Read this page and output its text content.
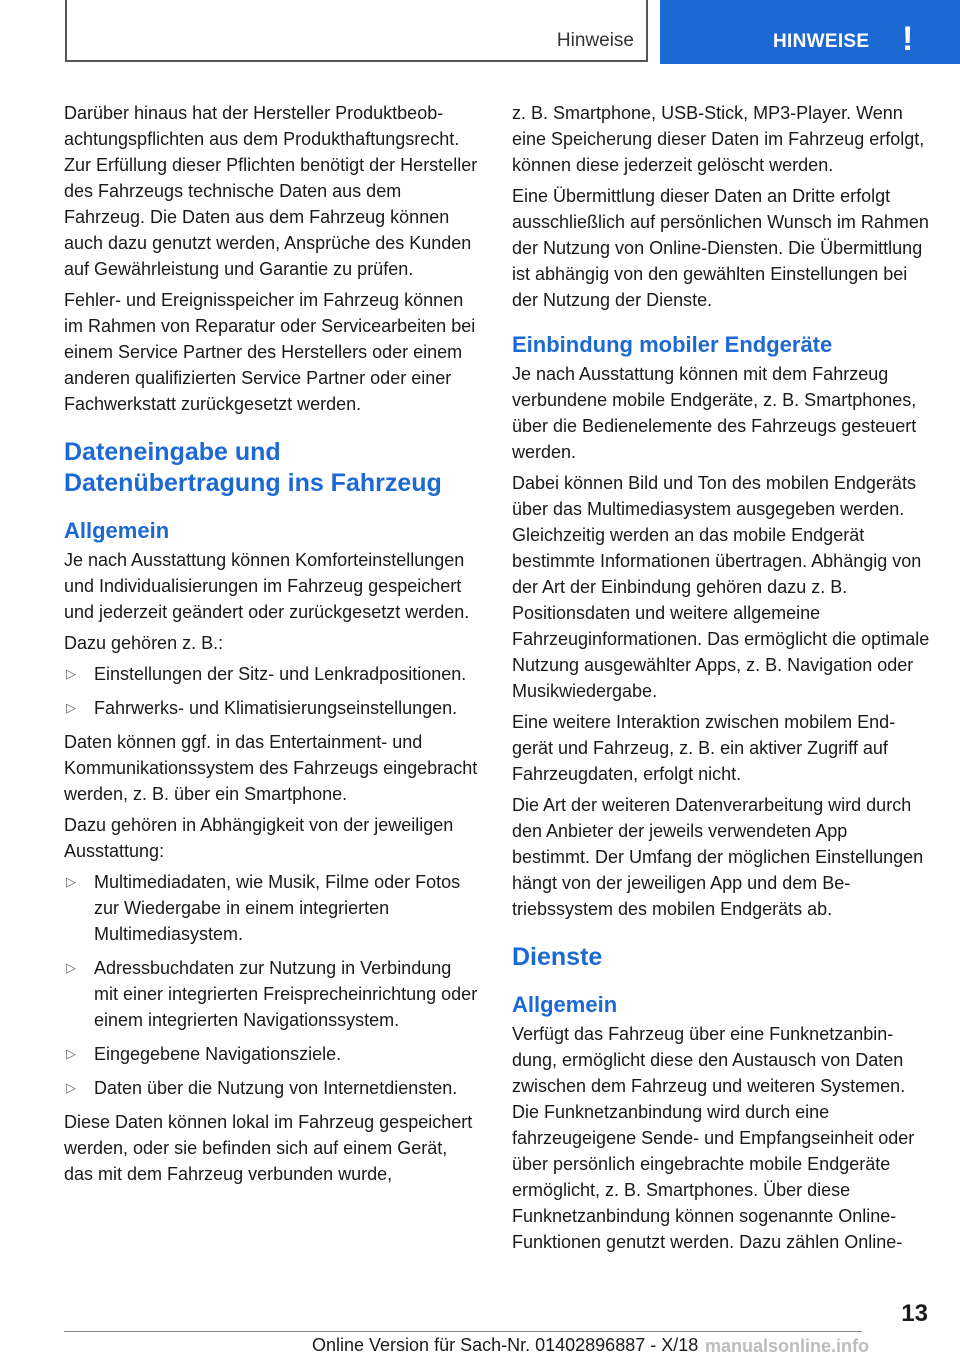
Hinweise	HINWEISE !

Darüber hinaus hat der Hersteller Produktbeobachtungspflichten aus dem Produkthaftungsrecht. Zur Erfüllung dieser Pflichten benötigt der Hersteller des Fahrzeugs technische Daten aus dem Fahrzeug. Die Daten aus dem Fahrzeug können auch dazu genutzt werden, Ansprüche des Kunden auf Gewährleistung und Garantie zu prüfen.

Fehler- und Ereignisspeicher im Fahrzeug können im Rahmen von Reparatur oder Servicearbeiten bei einem Service Partner des Herstellers oder einem anderen qualifizierten Service Partner oder einer Fachwerkstatt zurückgesetzt werden.

Dateneingabe und Datenübertragung ins Fahrzeug
Allgemein

Je nach Ausstattung können Komforteinstellungen und Individualisierungen im Fahrzeug gespeichert und jederzeit geändert oder zurückgesetzt werden.

Dazu gehören z. B.:

▷ Einstellungen der Sitz- und Lenkradpositionen.
▷ Fahrwerks- und Klimatisierungseinstellungen.

Daten können ggf. in das Entertainment- und Kommunikationssystem des Fahrzeugs eingebracht werden, z. B. über ein Smartphone.

Dazu gehören in Abhängigkeit von der jeweiligen Ausstattung:

▷ Multimediadaten, wie Musik, Filme oder Fotos zur Wiedergabe in einem integrierten Multimediasystem.
▷ Adressbuchdaten zur Nutzung in Verbindung mit einer integrierten Freisprecheinrichtung oder einem integrierten Navigationssystem.
▷ Eingegebene Navigationsziele.
▷ Daten über die Nutzung von Internetdiensten.

Diese Daten können lokal im Fahrzeug gespeichert werden, oder sie befinden sich auf einem Gerät, das mit dem Fahrzeug verbunden wurde,

z. B. Smartphone, USB-Stick, MP3-Player. Wenn eine Speicherung dieser Daten im Fahrzeug erfolgt, können diese jederzeit gelöscht werden.

Eine Übermittlung dieser Daten an Dritte erfolgt ausschließlich auf persönlichen Wunsch im Rahmen der Nutzung von Online-Diensten. Die Übermittlung ist abhängig von den gewählten Einstellungen bei der Nutzung der Dienste.

Einbindung mobiler Endgeräte

Je nach Ausstattung können mit dem Fahrzeug verbundene mobile Endgeräte, z. B. Smartphones, über die Bedienelemente des Fahrzeugs gesteuert werden.

Dabei können Bild und Ton des mobilen Endgeräts über das Multimediasystem ausgegeben werden. Gleichzeitig werden an das mobile Endgerät bestimmte Informationen übertragen. Abhängig von der Art der Einbindung gehören dazu z. B. Positionsdaten und weitere allgemeine Fahrzeuginformationen. Das ermöglicht die optimale Nutzung ausgewählter Apps, z. B. Navigation oder Musikwiedergabe.

Eine weitere Interaktion zwischen mobilem Endgerät und Fahrzeug, z. B. ein aktiver Zugriff auf Fahrzeugdaten, erfolgt nicht.

Die Art der weiteren Datenverarbeitung wird durch den Anbieter der jeweils verwendeten App bestimmt. Der Umfang der möglichen Einstellungen hängt von der jeweiligen App und dem Betriebssystem des mobilen Endgeräts ab.

Dienste
Allgemein

Verfügt das Fahrzeug über eine Funknetzanbindung, ermöglicht diese den Austausch von Daten zwischen dem Fahrzeug und weiteren Systemen. Die Funknetzanbindung wird durch eine fahrzeugeigene Sende- und Empfangseinheit oder über persönlich eingebrachte mobile Endgeräte ermöglicht, z. B. Smartphones. Über diese Funknetzanbindung können sogenannte Online-Funktionen genutzt werden. Dazu zählen Online-

13
Online Version für Sach-Nr. 01402896887 - X/18 manualsonline.info
